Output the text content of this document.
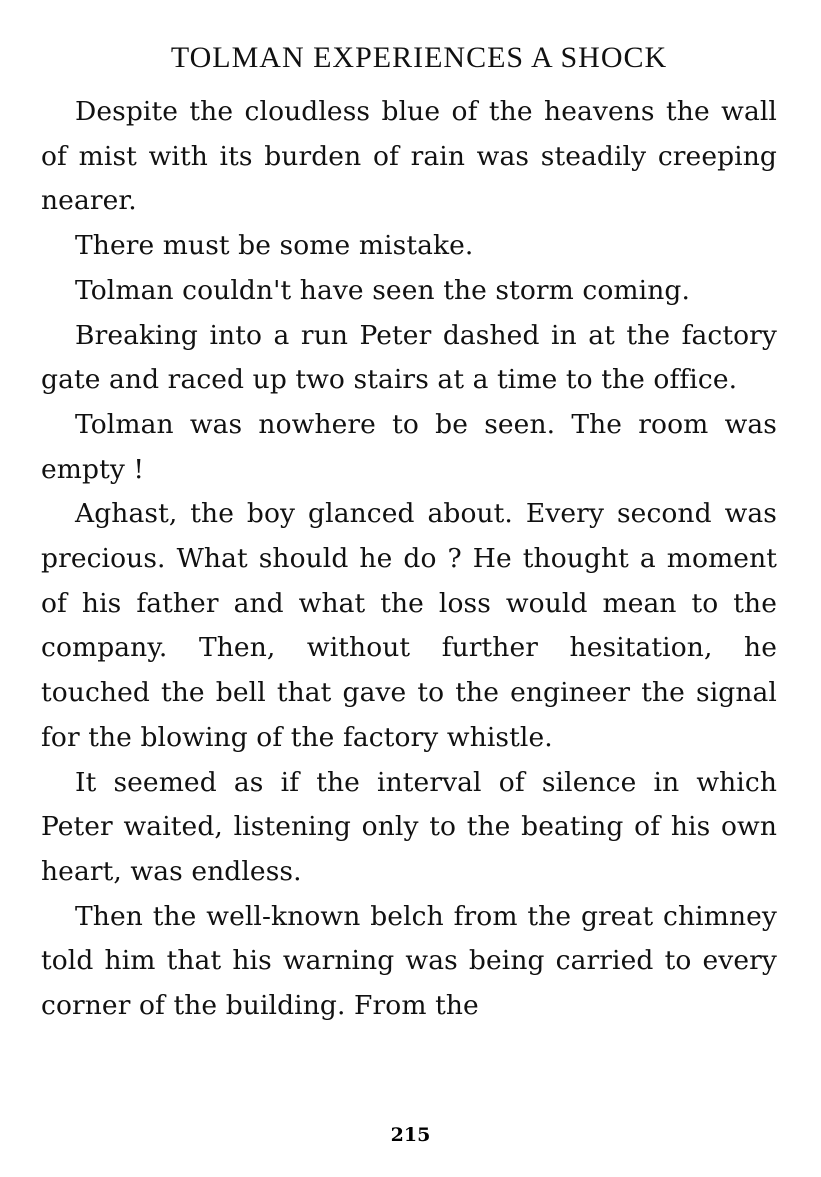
TOLMAN EXPERIENCES A SHOCK

Despite the cloudless blue of the heavens the wall of mist with its burden of rain was steadily creeping nearer.

There must be some mistake.

Tolman couldn't have seen the storm coming.

Breaking into a run Peter dashed in at the factory gate and raced up two stairs at a time to the office.

Tolman was nowhere to be seen. The room was empty !

Aghast, the boy glanced about. Every second was precious. What should he do ? He thought a moment of his father and what the loss would mean to the company. Then, without further hesitation, he touched the bell that gave to the engineer the signal for the blowing of the factory whistle.

It seemed as if the interval of silence in which Peter waited, listening only to the beating of his own heart, was endless.

Then the well-known belch from the great chimney told him that his warning was being carried to every corner of the building. From the

215
